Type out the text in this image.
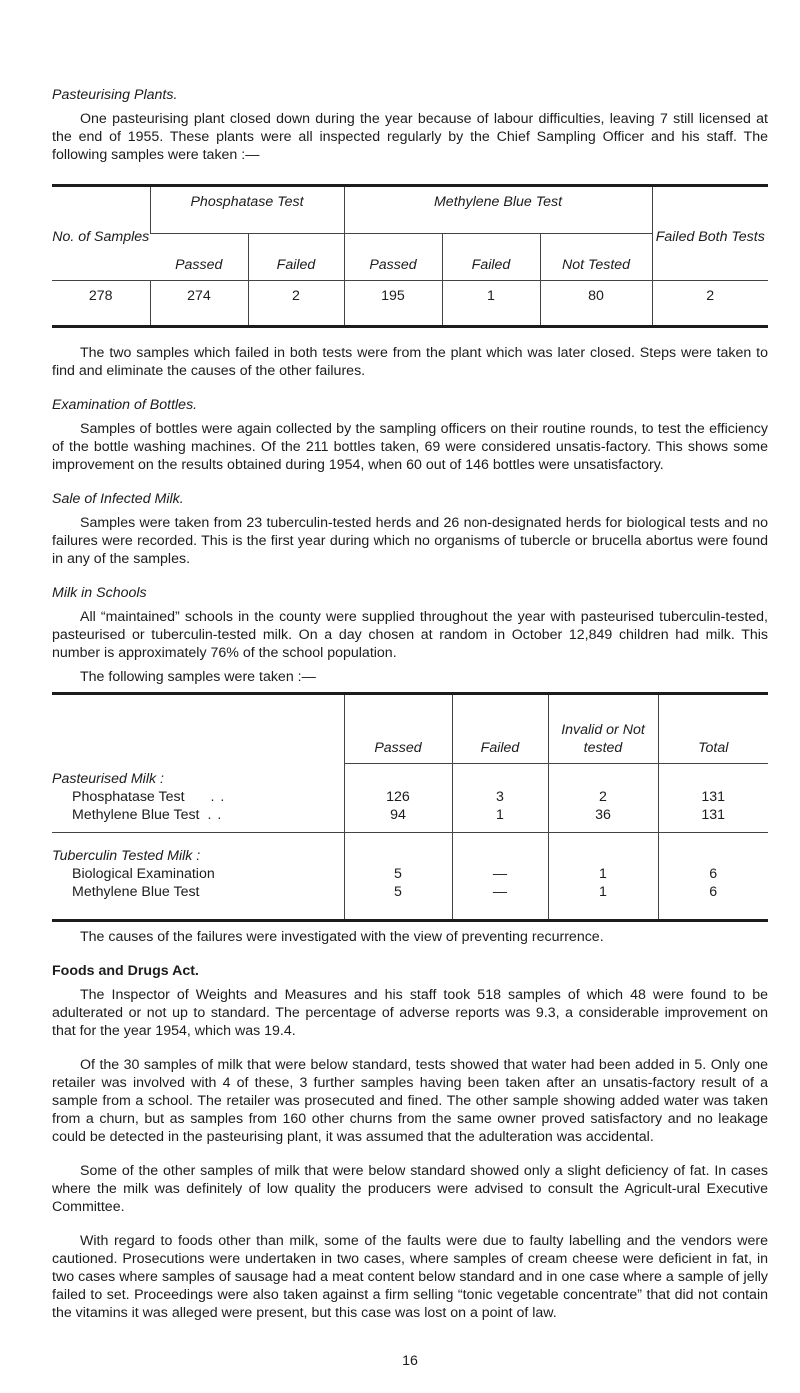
Pasteurising Plants.

One pasteurising plant closed down during the year because of labour difficulties, leaving 7 still licensed at the end of 1955. These plants were all inspected regularly by the Chief Sampling Officer and his staff. The following samples were taken :—

No. of Samples	Phosphatase Test		Methylene Blue Test			Failed Both Tests
	Passed	Failed	Passed	Failed	Not Tested	
278	274	2	195	1	80	2

The two samples which failed in both tests were from the plant which was later closed. Steps were taken to find and eliminate the causes of the other failures.

Examination of Bottles.

Samples of bottles were again collected by the sampling officers on their routine rounds, to test the efficiency of the bottle washing machines. Of the 211 bottles taken, 69 were considered unsatis-factory. This shows some improvement on the results obtained during 1954, when 60 out of 146 bottles were unsatisfactory.

Sale of Infected Milk.

Samples were taken from 23 tuberculin-tested herds and 26 non-designated herds for biological tests and no failures were recorded. This is the first year during which no organisms of tubercle or brucella abortus were found in any of the samples.

Milk in Schools

All “maintained” schools in the county were supplied throughout the year with pasteurised tuberculin-tested, pasteurised or tuberculin-tested milk. On a day chosen at random in October 12,849 children had milk. This number is approximately 76% of the school population.

The following samples were taken :—

	Passed	Failed	Invalid or Not tested	Total
Pasteurised Milk :				
Phosphatase Test . .	126	3	2	131
Methylene Blue Test . .	94	1	36	131
Tuberculin Tested Milk :				
Biological Examination	5	—	1	6
Methylene Blue Test	5	—	1	6

The causes of the failures were investigated with the view of preventing recurrence.

Foods and Drugs Act.

The Inspector of Weights and Measures and his staff took 518 samples of which 48 were found to be adulterated or not up to standard. The percentage of adverse reports was 9.3, a considerable improvement on that for the year 1954, which was 19.4.

Of the 30 samples of milk that were below standard, tests showed that water had been added in 5. Only one retailer was involved with 4 of these, 3 further samples having been taken after an unsatis-factory result of a sample from a school. The retailer was prosecuted and fined. The other sample showing added water was taken from a churn, but as samples from 160 other churns from the same owner proved satisfactory and no leakage could be detected in the pasteurising plant, it was assumed that the adulteration was accidental.

Some of the other samples of milk that were below standard showed only a slight deficiency of fat. In cases where the milk was definitely of low quality the producers were advised to consult the Agricult-ural Executive Committee.

With regard to foods other than milk, some of the faults were due to faulty labelling and the vendors were cautioned. Prosecutions were undertaken in two cases, where samples of cream cheese were deficient in fat, in two cases where samples of sausage had a meat content below standard and in one case where a sample of jelly failed to set. Proceedings were also taken against a firm selling “tonic vegetable concentrate” that did not contain the vitamins it was alleged were present, but this case was lost on a point of law.

16
